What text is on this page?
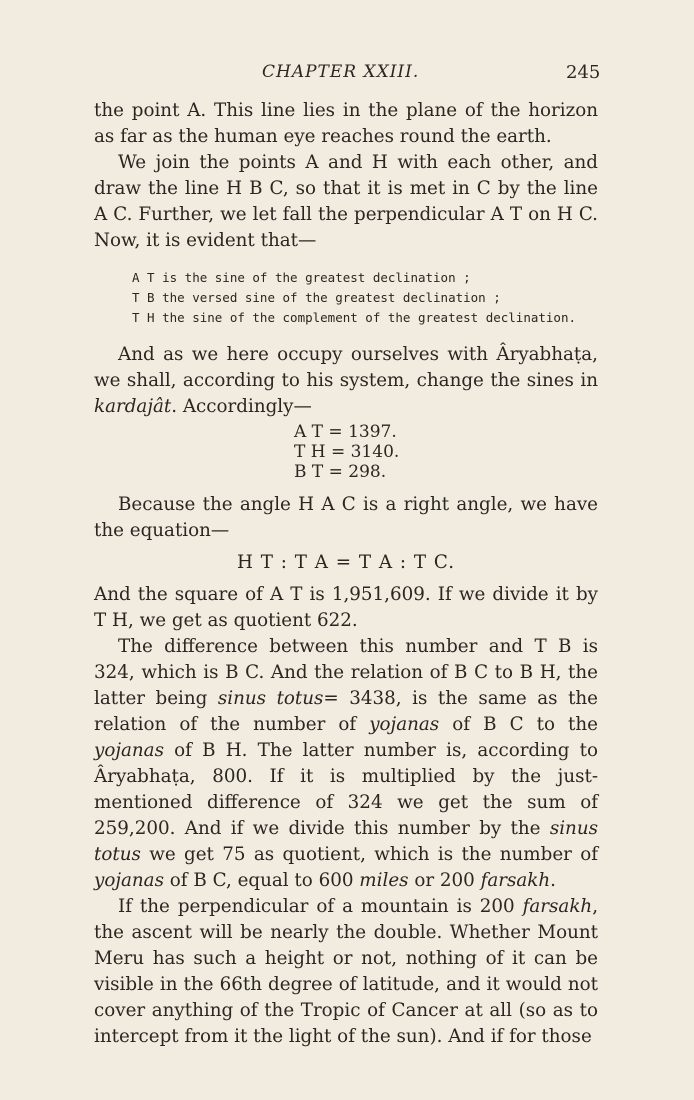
CHAPTER XXIII.	245

the point A. This line lies in the plane of the horizon as far as the human eye reaches round the earth.

We join the points A and H with each other, and draw the line H B C, so that it is met in C by the line A C. Further, we let fall the perpendicular A T on H C. Now, it is evident that—

A T is the sine of the greatest declination ;
T B the versed sine of the greatest declination ;
T H the sine of the complement of the greatest declination.

And as we here occupy ourselves with Âryabhaṭa, we shall, according to his system, change the sines in kardajât. Accordingly—

A T = 1397.
T H = 3140.
B T = 298.

Because the angle H A C is a right angle, we have the equation—

H T : T A = T A : T C.

And the square of A T is 1,951,609. If we divide it by T H, we get as quotient 622.

The difference between this number and T B is 324, which is B C. And the relation of B C to B H, the latter being sinus totus= 3438, is the same as the relation of the number of yojanas of B C to the yojanas of B H. The latter number is, according to Âryabhaṭa, 800. If it is multiplied by the just-mentioned difference of 324 we get the sum of 259,200. And if we divide this number by the sinus totus we get 75 as quotient, which is the number of yojanas of B C, equal to 600 miles or 200 farsakh.

If the perpendicular of a mountain is 200 farsakh, the ascent will be nearly the double. Whether Mount Meru has such a height or not, nothing of it can be visible in the 66th degree of latitude, and it would not cover anything of the Tropic of Cancer at all (so as to intercept from it the light of the sun). And if for those
